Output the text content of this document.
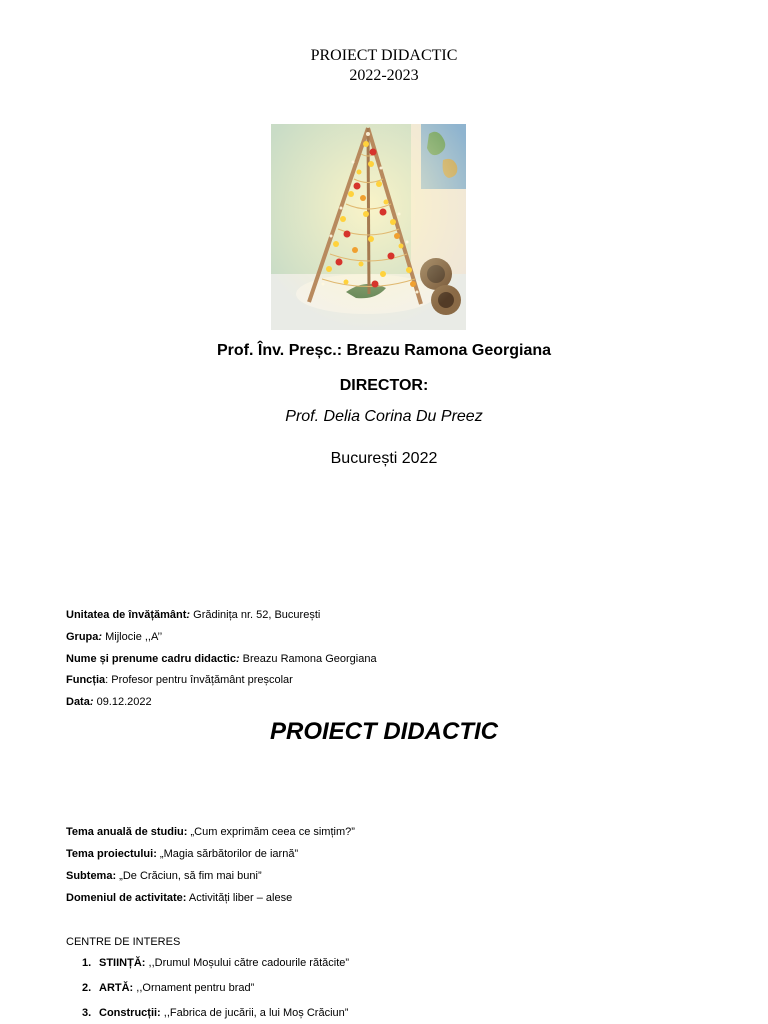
PROIECT DIDACTIC
2022-2023
Prof. Înv. Preșc.: Breazu Ramona Georgiana
DIRECTOR:
Prof. Delia Corina Du Preez
București 2022
Unitatea de învățământ: Grădinița nr. 52, București
Grupa: Mijlocie ,,A’’
Nume și prenume cadru didactic: Breazu Ramona Georgiana
Funcția: Profesor pentru învățământ preșcolar
Data: 09.12.2022
PROIECT DIDACTIC
Tema anuală de studiu: „Cum exprimăm ceea ce simțim?”
Tema proiectului: „Magia sărbătorilor de iarnă”
Subtema: „De Crăciun, să fim mai buni”
Domeniul de activitate: Activități liber – alese
CENTRE DE INTERES
1. STIINȚĂ: ,,Drumul Moșului către cadourile rătăcite”
2. ARTĂ: ,,Ornament pentru brad”
3. Construcții: ,,Fabrica de jucării, a lui Moș Crăciun”
